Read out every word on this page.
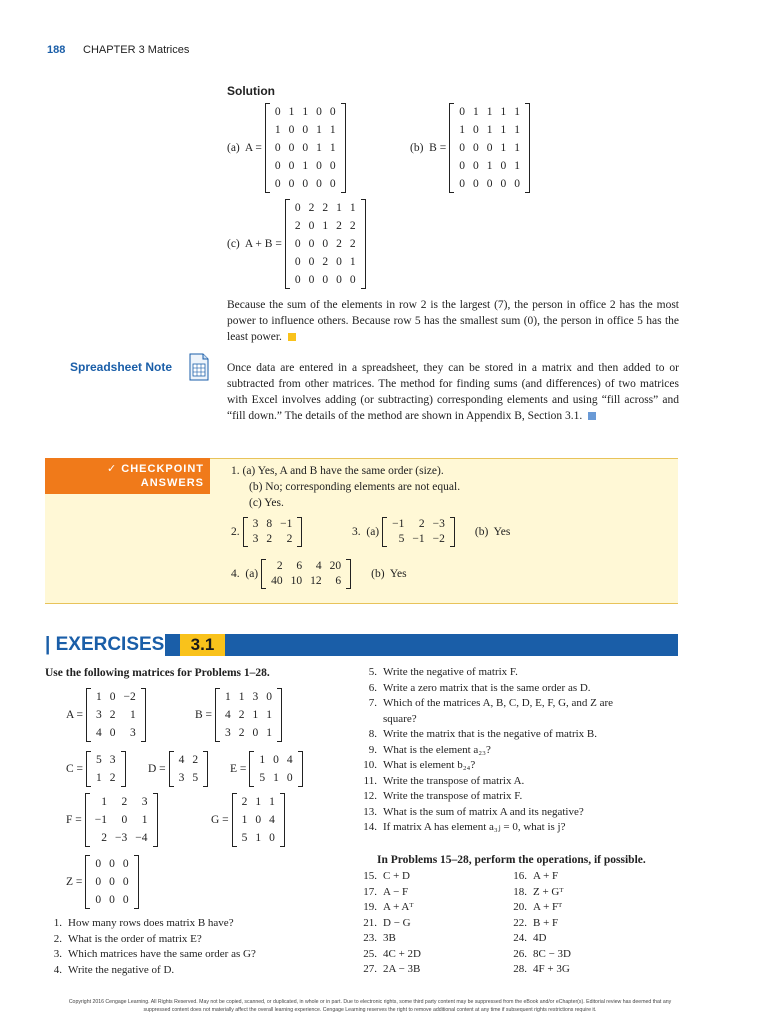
188 CHAPTER 3 Matrices
Solution
(a)  A =
0	1	1	0	0
1	0	0	1	1
0	0	0	1	1
0	0	1	0	0
0	0	0	0	0
(b)  B =
0	1	1	1	1
1	0	1	1	1
0	0	0	1	1
0	0	1	0	1
0	0	0	0	0
(c)  A + B =
0	2	2	1	1
2	0	1	2	2
0	0	0	2	2
0	0	2	0	1
0	0	0	0	0
Because the sum of the elements in row 2 is the largest (7), the person in office 2 has the most power to influence others. Because row 5 has the smallest sum (0), the person in office 5 has the least power.
Spreadsheet Note	Once data are entered in a spreadsheet, they can be stored in a matrix and then added to or subtracted from other matrices. The method for finding sums (and differences) of two matrices with Excel involves adding (or subtracting) corresponding elements and using “fill across” and “fill down.” The details of the method are shown in Appendix B, Section 3.1.
✓ CHECKPOINT
ANSWERS
1. (a) Yes, A and B have the same order (size).
(b) No; corresponding elements are not equal.
(c) Yes.
2.
3	8	−1
3	2	2
3.  (a)
−1	2	−3
5	−1	−2
(b)  Yes
4.  (a)
2	6	4	20
40	10	12	6
(b)  Yes
| EXERCISES | 3.1
Use the following matrices for Problems 1–28.
A =
1	0	−2
3	2	1
4	0	3
B =
1	1	3	0
4	2	1	1
3	2	0	1
C =
5	3
1	2
D =
4	2
3	5
E =
1	0	4
5	1	0
F =
1	2	3
−1	0	1
2	−3	−4
G =
2	1	1
1	0	4
5	1	0
Z =
0	0	0
0	0	0
0	0	0
1. How many rows does matrix B have?
2. What is the order of matrix E?
3. Which matrices have the same order as G?
4. Write the negative of D.
5. Write the negative of matrix F.
6. Write a zero matrix that is the same order as D.
7. Which of the matrices A, B, C, D, E, F, G, and Z are
square?
8. Write the matrix that is the negative of matrix B.
9. What is the element a₂₃?
10. What is element b₂₄?
11. Write the transpose of matrix A.
12. Write the transpose of matrix F.
13. What is the sum of matrix A and its negative?
14. If matrix A has element a₃ⱼ = 0, what is j?
In Problems 15–28, perform the operations, if possible.
15. C + D
17. A − F
19. A + Aᵀ
21. D − G
23. 3B
25. 4C + 2D
27. 2A − 3B
16. A + F
18. Z + Gᵀ
20. A + Fᵀ
22. B + F
24. 4D
26. 8C − 3D
28. 4F + 3G
Copyright 2016 Cengage Learning. All Rights Reserved. May not be copied, scanned, or duplicated, in whole or in part. Due to electronic rights, some third party content may be suppressed from the eBook and/or eChapter(s). Editorial review has deemed that any suppressed content does not materially affect the overall learning experience. Cengage Learning reserves the right to remove additional content at any time if subsequent rights restrictions require it.
